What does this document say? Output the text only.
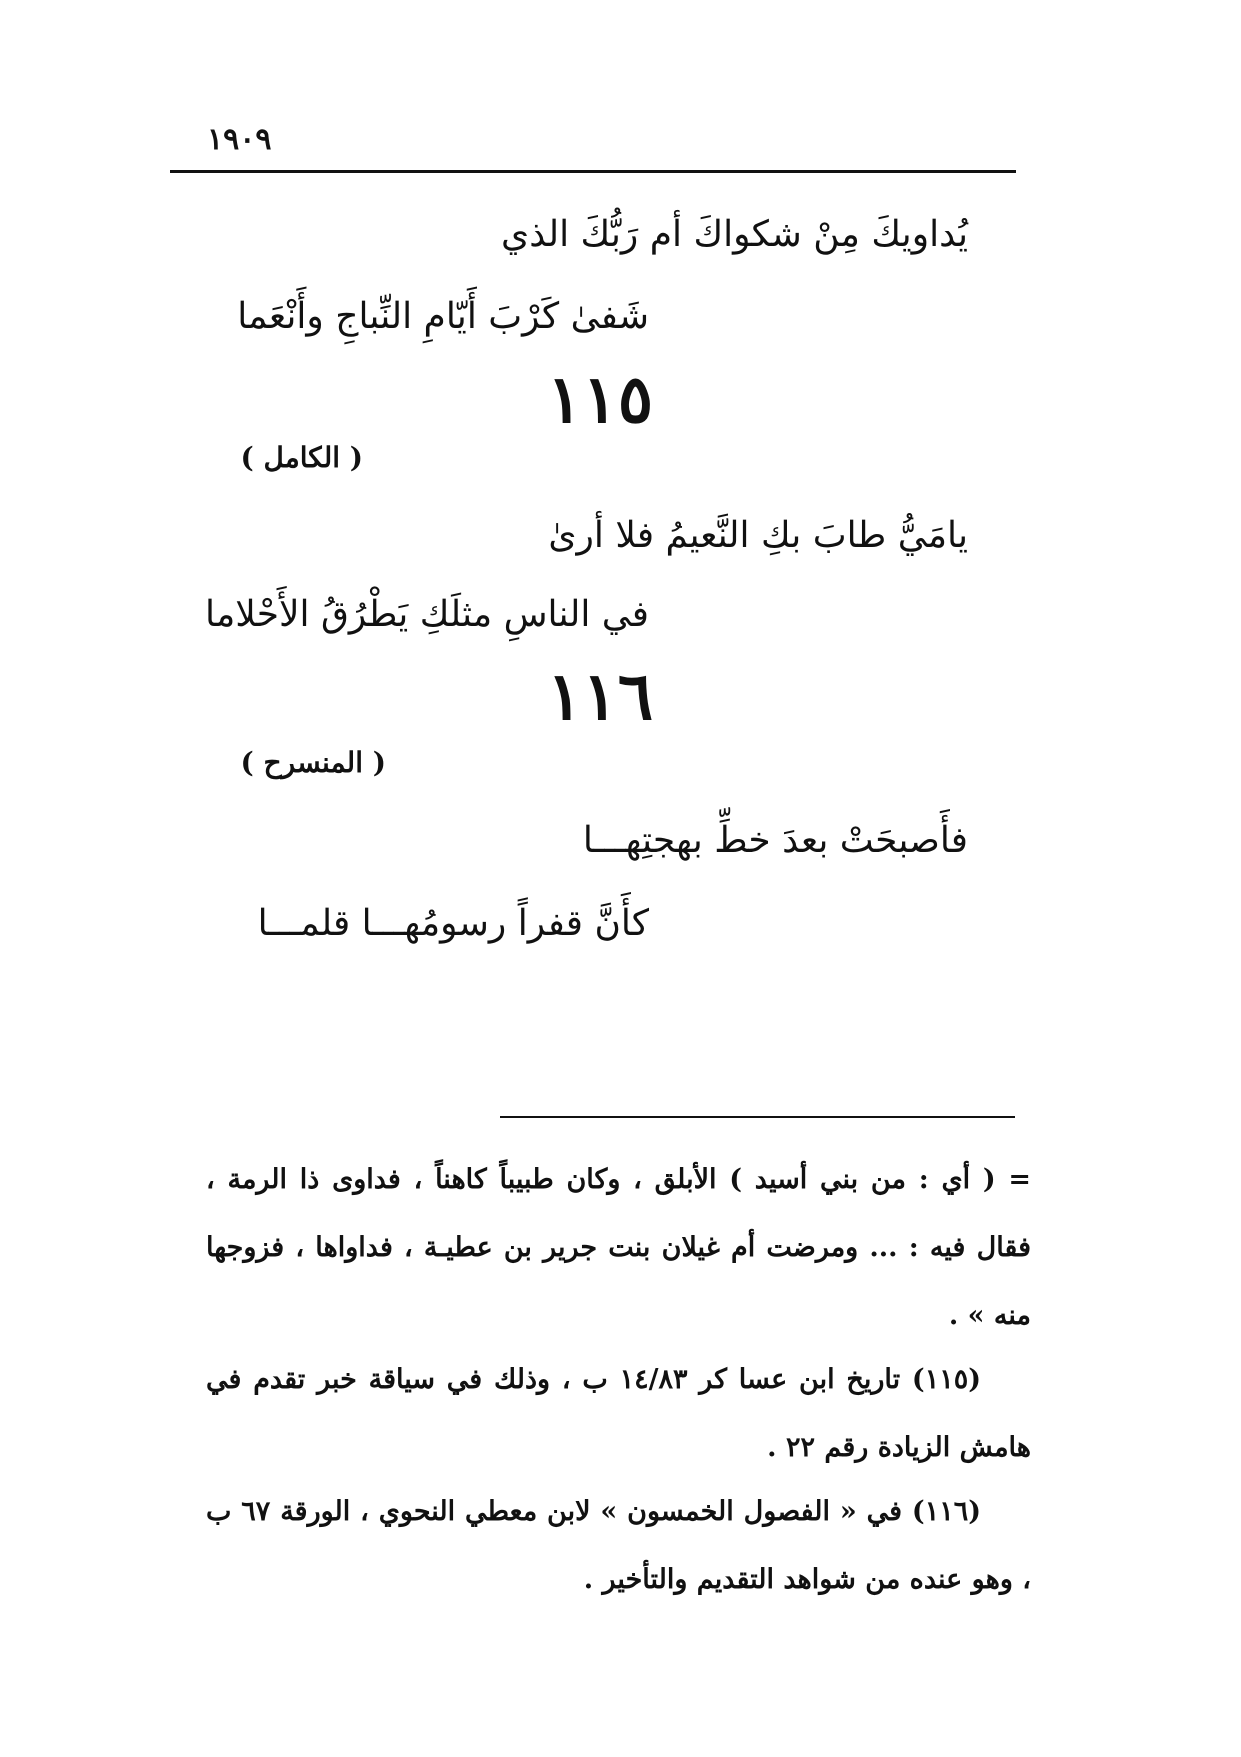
١٩٠٩
يُداويكَ مِنْ شكواكَ أم رَبُّكَ الذي
شَفىٰ كَرْبَ أَيّامِ النِّباجِ وأَنْعَما
١١٥
( الكامل )
يامَيُّ طابَ بكِ النَّعيمُ فلا أرىٰ
في الناسِ مثلَكِ يَطْرُقُ الأَحْلاما
١١٦
( المنسرح )
فأَصبحَتْ بعدَ خطِّ بهجتِهـــا
كأَنَّ قفراً رسومُهـــا قلمـــا
= ( أي : من بني أسيد ) الأبلق ، وكان طبيباً كاهناً ، فداوى ذا الرمة ، فقال فيه : ... ومرضت أم غيلان بنت جرير بن عطيـة ، فداواها ، فزوجها منه » .
(١١٥) تاريخ ابن عسا كر ١٤/٨٣ ب ، وذلك في سياقة خبر تقدم في هامش الزيادة رقم ٢٢ .
(١١٦) في « الفصول الخمسون » لابن معطي النحوي ، الورقة ٦٧ ب ، وهو عنده من شواهد التقديم والتأخير .
